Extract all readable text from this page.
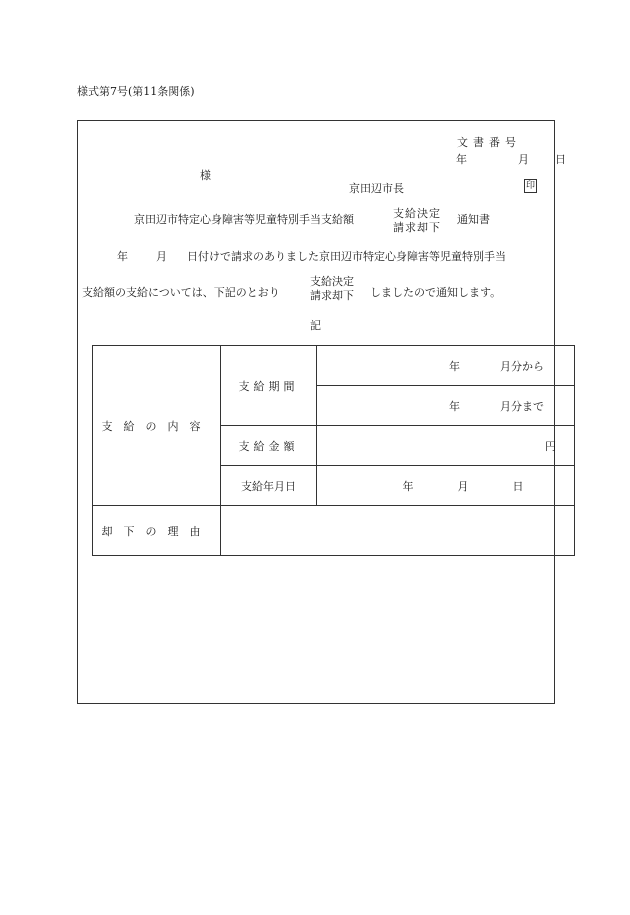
様式第7号(第11条関係)
文書番号
年	月 日
様
京田辺市長	印
京田辺市特定心身障害等児童特別手当支給額	支給決定
請求却下
通知書
年	月 日付けで請求のありました京田辺市特定心身障害等児童特別手当
支給額の支給については、下記のとおり
支給決定
請求却下 しましたので通知します。
記
支給の内容	支給期間	年 月分から
		年 月分まで
	支給金額	円
	支給年月日	年 月 日
却下の理由		
